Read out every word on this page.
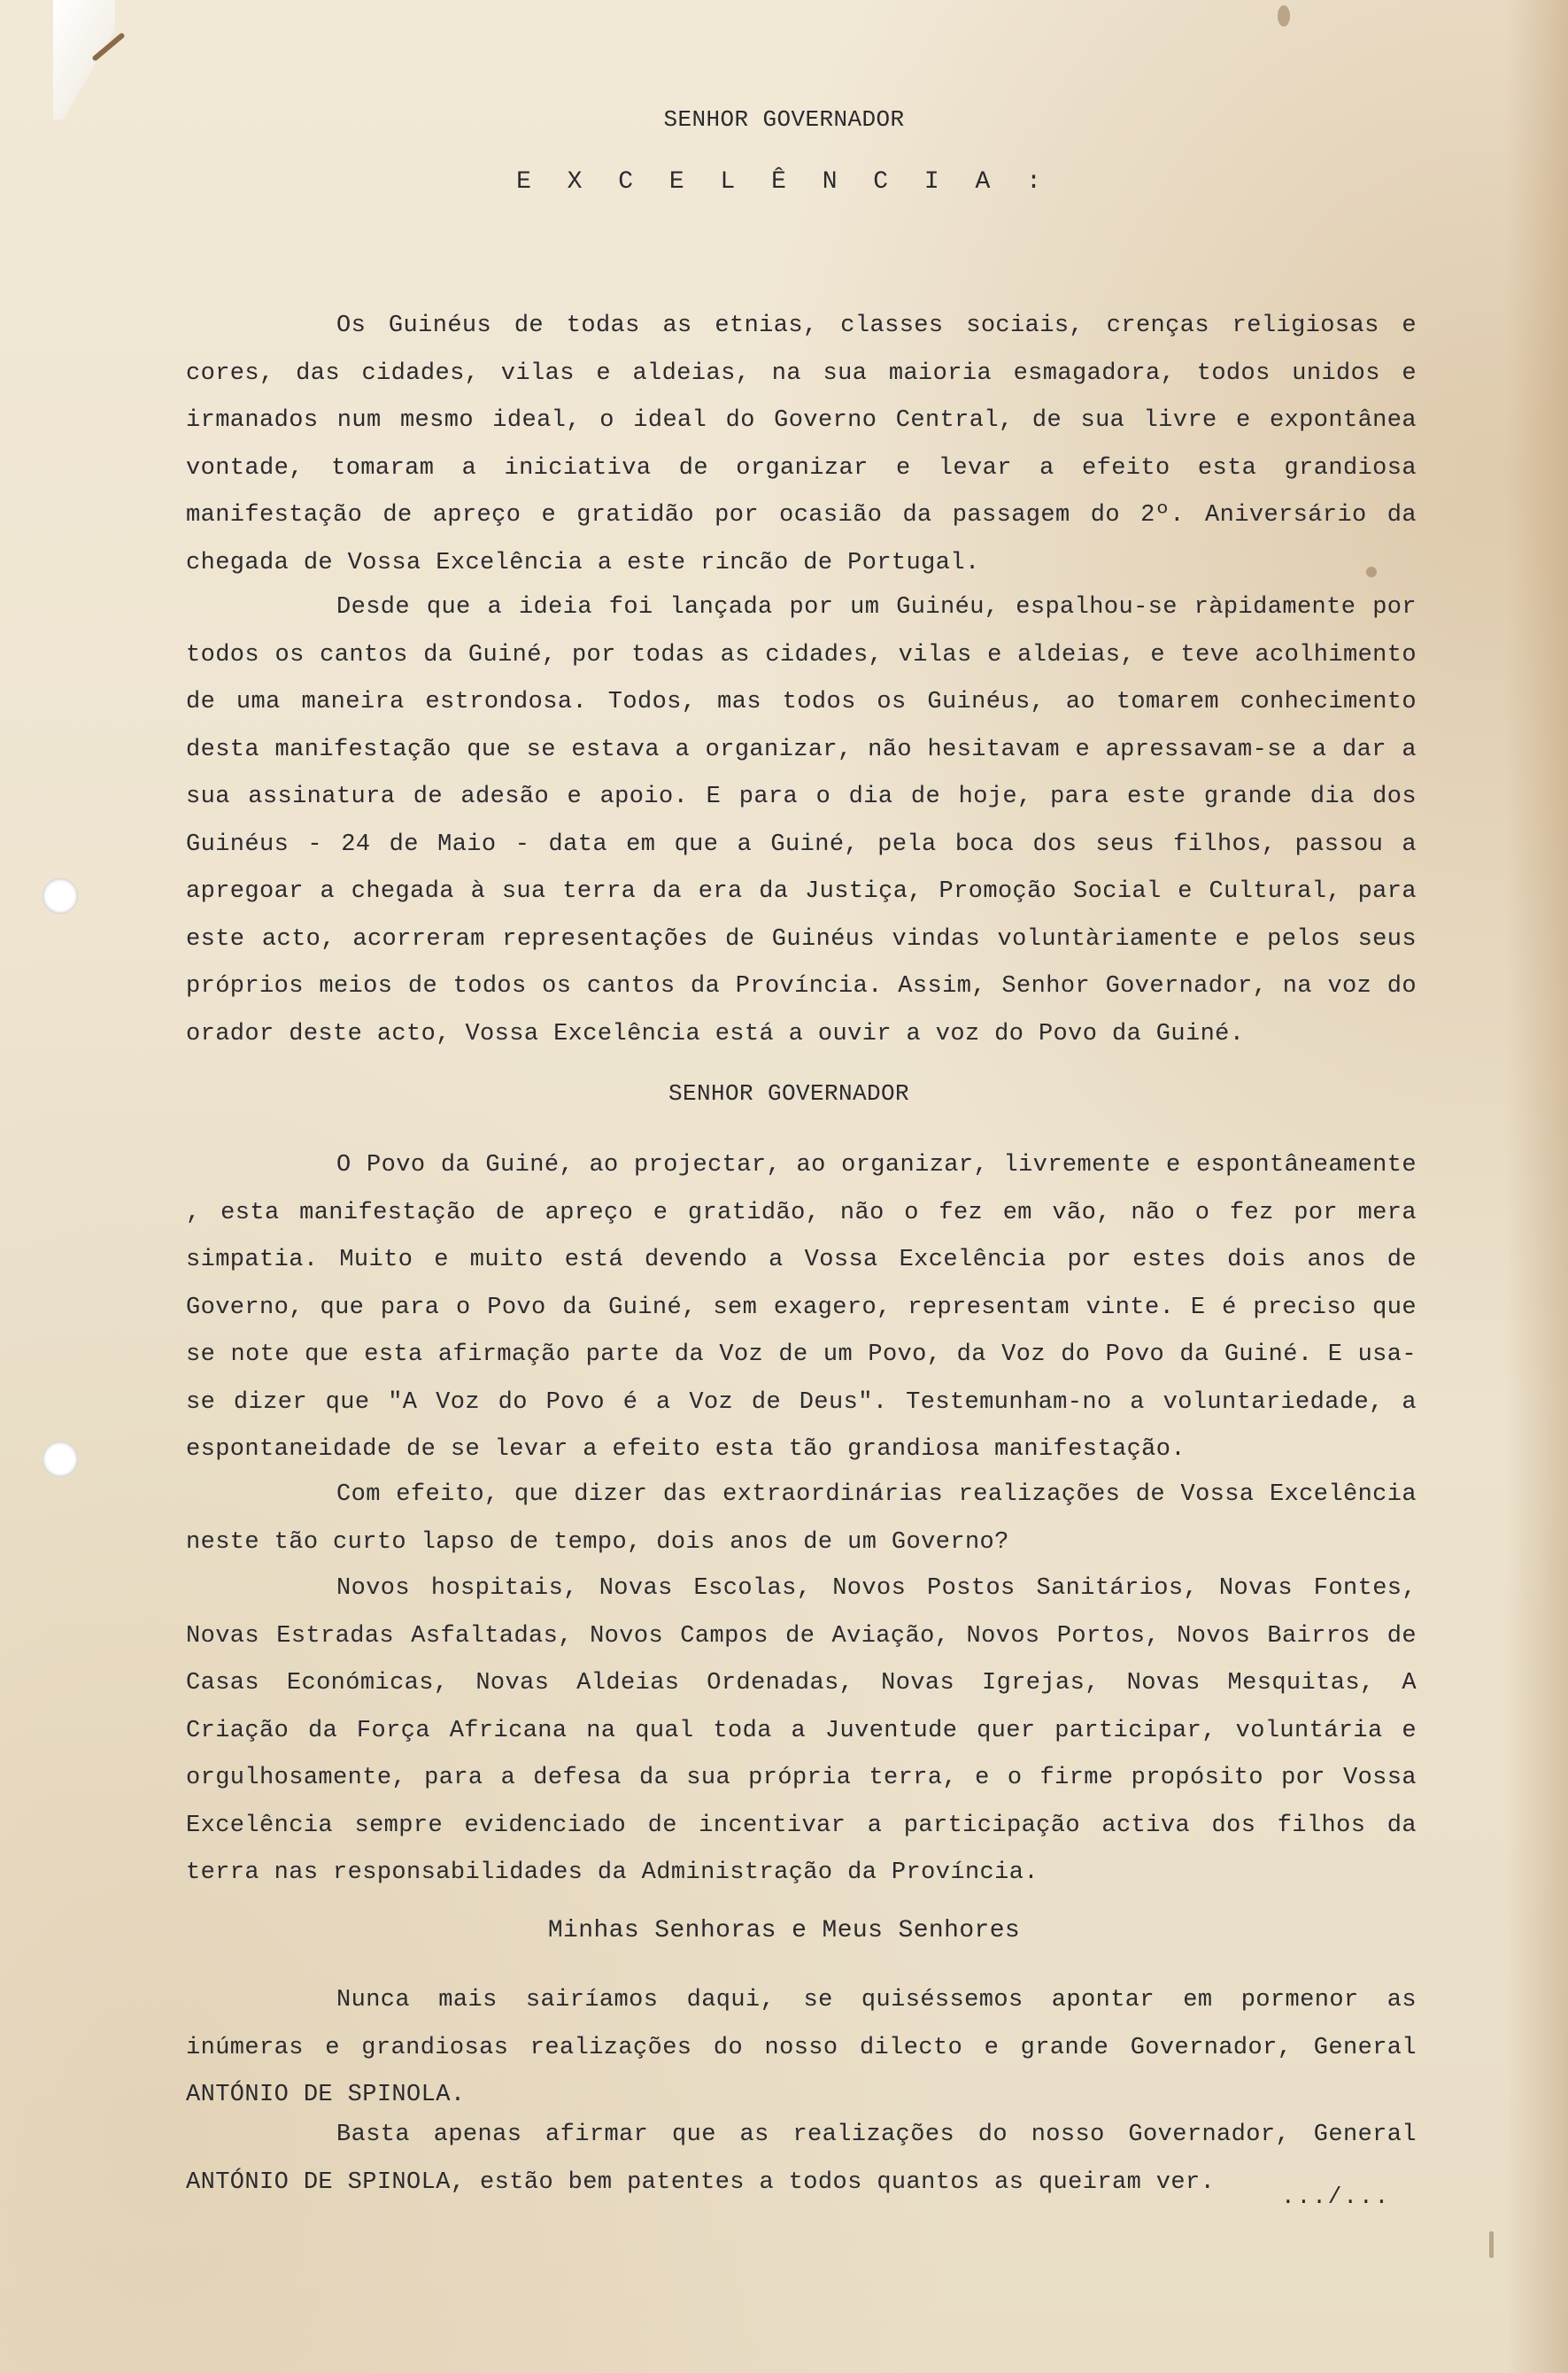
SENHOR GOVERNADOR
E X C E L Ê N C I A :
Os Guinéus de todas as etnias, classes sociais, crenças religiosas e cores, das cidades, vilas e aldeias, na sua maioria esmagadora, todos unidos e irmanados num mesmo ideal, o ideal do Governo Central, de sua livre e expontânea vontade, tomaram a iniciativa de organizar e levar a efeito esta grandiosa manifestação de apreço e gratidão por ocasião da passagem do 2º. Aniversário da chegada de Vossa Excelência a este rincão de Portugal.
Desde que a ideia foi lançada por um Guinéu, espalhou-se ràpidamente por todos os cantos da Guiné, por todas as cidades, vilas e aldeias, e teve acolhimento de uma maneira estrondosa. Todos, mas todos os Guinéus, ao tomarem conhecimento desta manifestação que se estava a organizar, não hesitavam e apressavam-se a dar a sua assinatura de adesão e apoio. E para o dia de hoje, para este grande dia dos Guinéus - 24 de Maio - data em que a Guiné, pela boca dos seus filhos, passou a apregoar a chegada à sua terra da era da Justiça, Promoção Social e Cultural, para este acto, acorreram representações de Guinéus vindas voluntàriamente e pelos seus próprios meios de todos os cantos da Província. Assim, Senhor Governador, na voz do orador deste acto, Vossa Excelência está a ouvir a voz do Povo da Guiné.
SENHOR GOVERNADOR
O Povo da Guiné, ao projectar, ao organizar, livremente e espontâneamente , esta manifestação de apreço e gratidão, não o fez em vão, não o fez por mera simpatia. Muito e muito está devendo a Vossa Excelência por estes dois anos de Governo, que para o Povo da Guiné, sem exagero, representam vinte. E é preciso que se note que esta afirmação parte da Voz de um Povo, da Voz do Povo da Guiné. E usa-se dizer que "A Voz do Povo é a Voz de Deus". Testemunham-no a voluntariedade, a espontaneidade de se levar a efeito esta tão grandiosa manifestação.
Com efeito, que dizer das extraordinárias realizações de Vossa Excelência neste tão curto lapso de tempo, dois anos de um Governo?
Novos hospitais, Novas Escolas, Novos Postos Sanitários, Novas Fontes, Novas Estradas Asfaltadas, Novos Campos de Aviação, Novos Portos, Novos Bairros de Casas Económicas, Novas Aldeias Ordenadas, Novas Igrejas, Novas Mesquitas, A Criação da Força Africana na qual toda a Juventude quer participar, voluntária e orgulhosamente, para a defesa da sua própria terra, e o firme propósito por Vossa Excelência sempre evidenciado de incentivar a participação activa dos filhos da terra nas responsabilidades da Administração da Província.
Minhas Senhoras e Meus Senhores
Nunca mais sairíamos daqui, se quiséssemos apontar em pormenor as inúmeras e grandiosas realizações do nosso dilecto e grande Governador, General ANTÓNIO DE SPINOLA.
Basta apenas afirmar que as realizações do nosso Governador, General ANTÓNIO DE SPINOLA, estão bem patentes a todos quantos as queiram ver.
.../...
